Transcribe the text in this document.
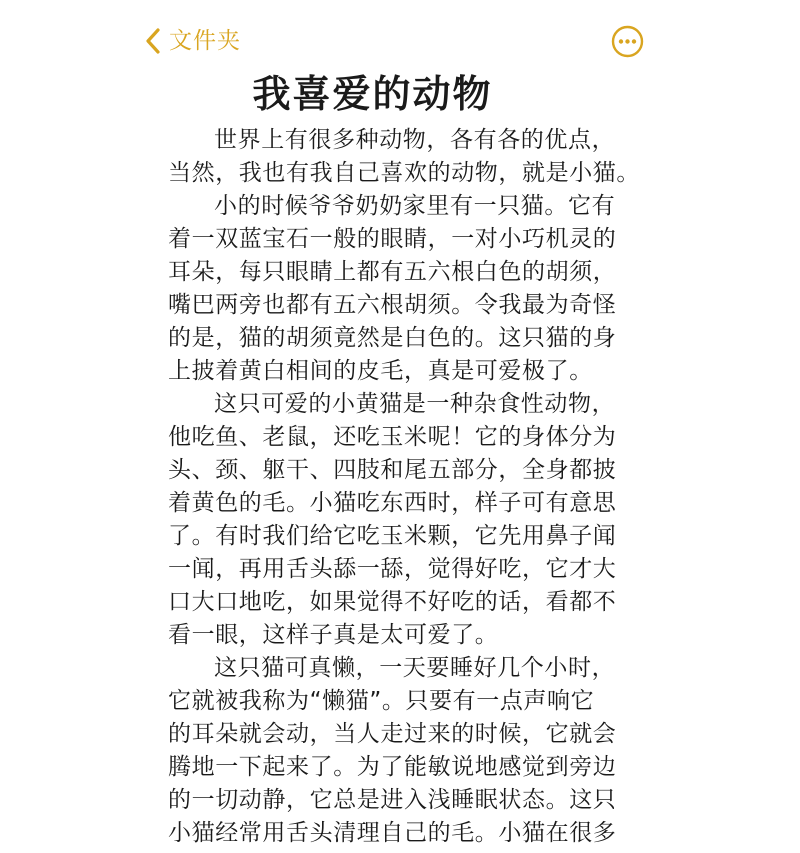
文件夹
我喜爱的动物

世界上有很多种动物，各有各的优点，
当然，我也有我自己喜欢的动物，就是小猫。

小的时候爷爷奶奶家里有一只猫。它有
着一双蓝宝石一般的眼睛，一对小巧机灵的
耳朵，每只眼睛上都有五六根白色的胡须，
嘴巴两旁也都有五六根胡须。令我最为奇怪
的是，猫的胡须竟然是白色的。这只猫的身
上披着黄白相间的皮毛，真是可爱极了。

这只可爱的小黄猫是一种杂食性动物，
他吃鱼、老鼠，还吃玉米呢！它的身体分为
头、颈、躯干、四肢和尾五部分，全身都披
着黄色的毛。小猫吃东西时，样子可有意思
了。有时我们给它吃玉米颗，它先用鼻子闻
一闻，再用舌头舔一舔，觉得好吃，它才大
口大口地吃，如果觉得不好吃的话，看都不
看一眼，这样子真是太可爱了。

这只猫可真懒，一天要睡好几个小时，
它就被我称为“懒猫”。只要有一点声响它
的耳朵就会动，当人走过来的时候，它就会
腾地一下起来了。为了能敏说地感觉到旁边
的一切动静，它总是进入浅睡眠状态。这只
小猫经常用舌头清理自己的毛。小猫在很多
